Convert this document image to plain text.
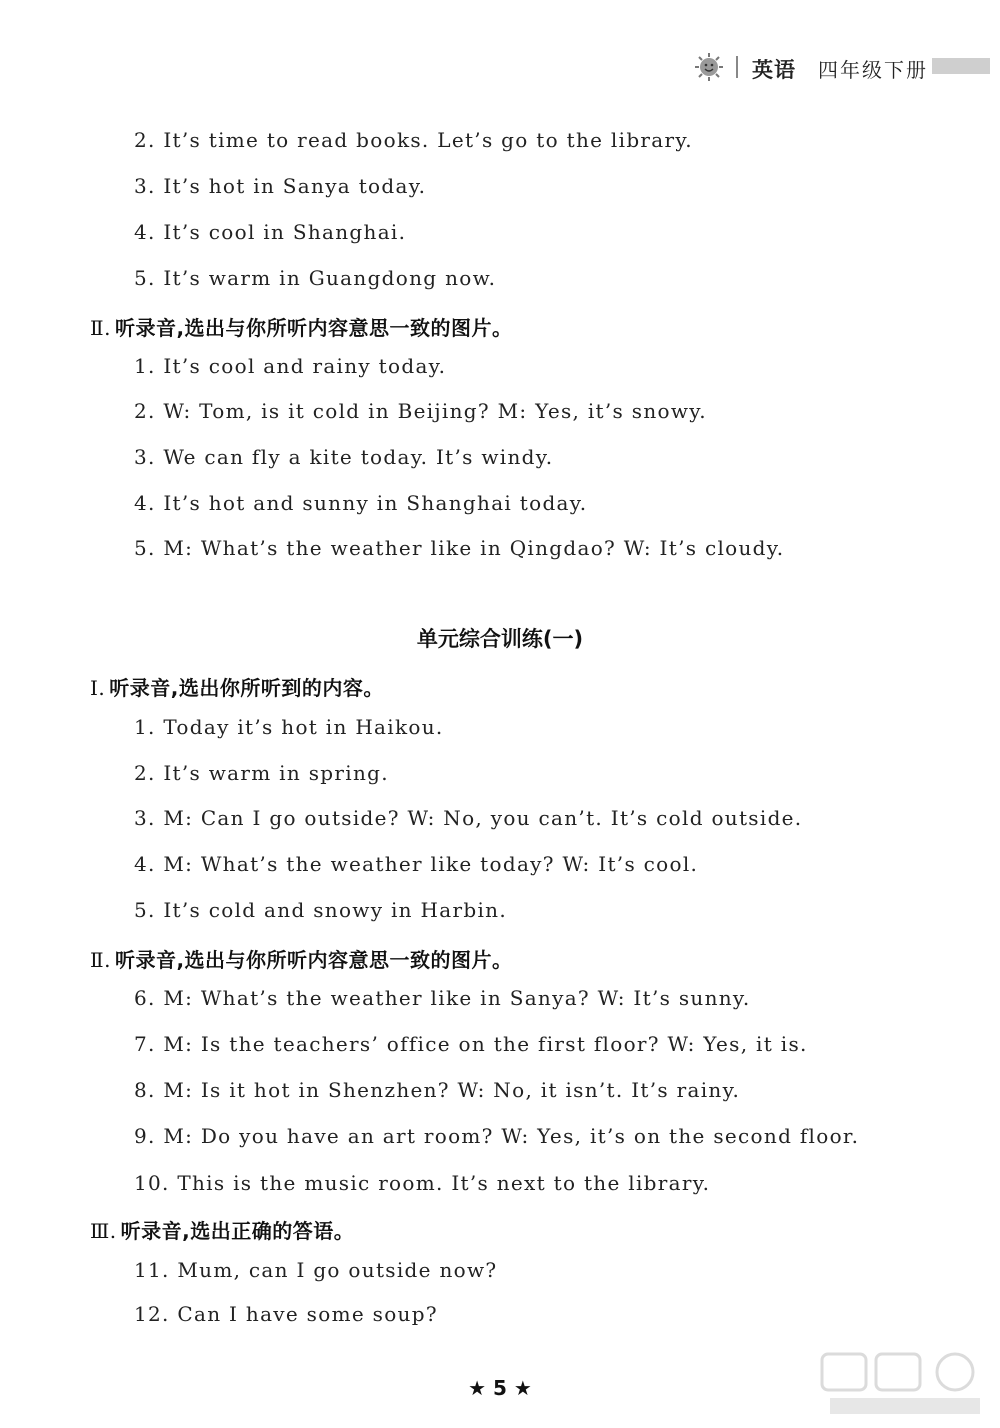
英语 四年级下册
2. It’s time to read books. Let’s go to the library.
3. It’s hot in Sanya today.
4. It’s cool in Shanghai.
5. It’s warm in Guangdong now.
Ⅱ. 听录音,选出与你所听内容意思一致的图片。
1. It’s cool and rainy today.
2. W: Tom, is it cold in Beijing? M: Yes, it’s snowy.
3. We can fly a kite today. It’s windy.
4. It’s hot and sunny in Shanghai today.
5. M: What’s the weather like in Qingdao? W: It’s cloudy.
单元综合训练(一)
Ⅰ. 听录音,选出你所听到的内容。
1. Today it’s hot in Haikou.
2. It’s warm in spring.
3. M: Can I go outside? W: No, you can’t. It’s cold outside.
4. M: What’s the weather like today? W: It’s cool.
5. It’s cold and snowy in Harbin.
Ⅱ. 听录音,选出与你所听内容意思一致的图片。
6. M: What’s the weather like in Sanya? W: It’s sunny.
7. M: Is the teachers’ office on the first floor? W: Yes, it is.
8. M: Is it hot in Shenzhen? W: No, it isn’t. It’s rainy.
9. M: Do you have an art room? W: Yes, it’s on the second floor.
10. This is the music room. It’s next to the library.
Ⅲ. 听录音,选出正确的答语。
11. Mum, can I go outside now?
12. Can I have some soup?
★ 5 ★
